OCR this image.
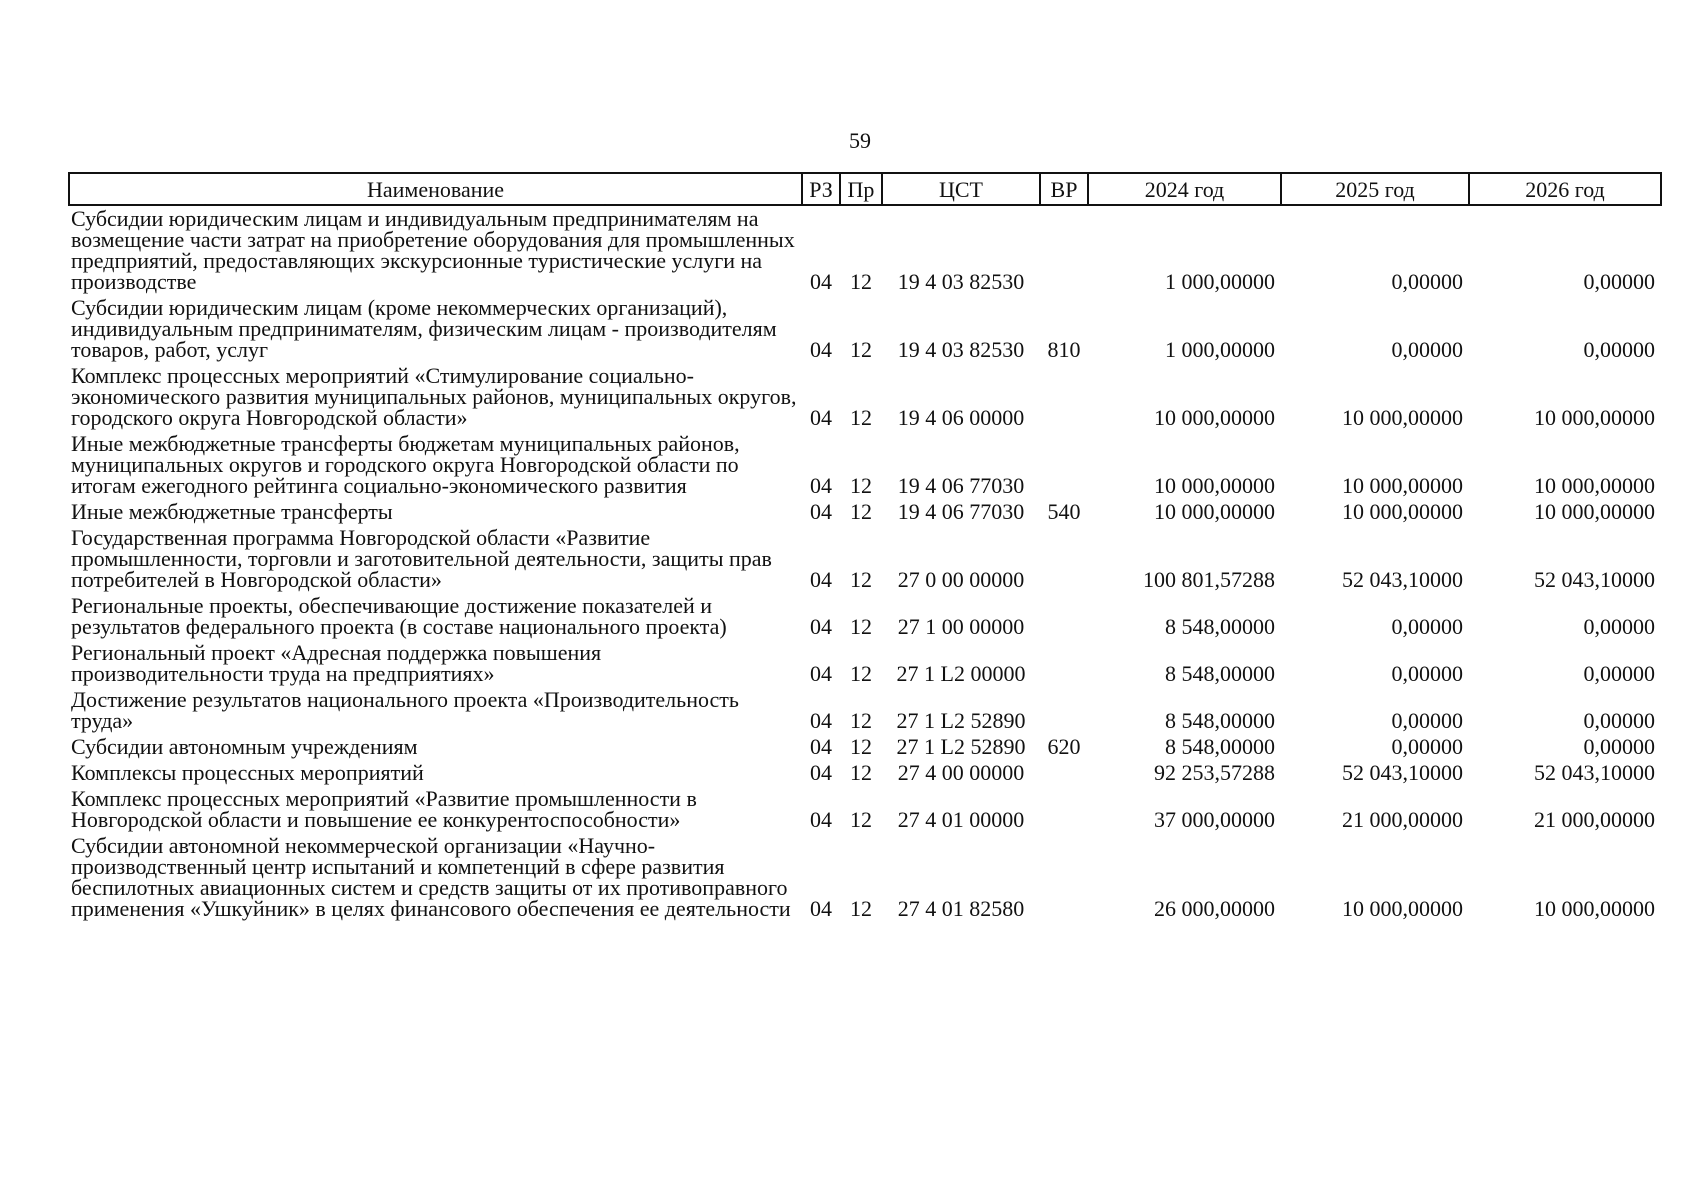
59
Наименование	РЗ	Пр	ЦСТ	ВР	2024 год	2025 год	2026 год
Субсидии юридическим лицам и индивидуальным предпринимателям на возмещение части затрат на приобретение оборудования для промышленных предприятий, предоставляющих экскурсионные туристические услуги на производстве	04	12	19 4 03 82530		1 000,00000	0,00000	0,00000
Субсидии юридическим лицам (кроме некоммерческих организаций), индивидуальным предпринимателям, физическим лицам - производителям товаров, работ, услуг	04	12	19 4 03 82530	810	1 000,00000	0,00000	0,00000
Комплекс процессных мероприятий «Стимулирование социально-экономического развития муниципальных районов, муниципальных округов, городского округа Новгородской области»	04	12	19 4 06 00000		10 000,00000	10 000,00000	10 000,00000
Иные межбюджетные трансферты бюджетам муниципальных районов, муниципальных округов и городского округа Новгородской области по итогам ежегодного рейтинга социально-экономического развития	04	12	19 4 06 77030		10 000,00000	10 000,00000	10 000,00000
Иные межбюджетные трансферты	04	12	19 4 06 77030	540	10 000,00000	10 000,00000	10 000,00000
Государственная программа Новгородской области «Развитие промышленности, торговли и заготовительной деятельности, защиты прав потребителей в Новгородской области»	04	12	27 0 00 00000		100 801,57288	52 043,10000	52 043,10000
Региональные проекты, обеспечивающие достижение показателей и результатов федерального проекта (в составе национального проекта)	04	12	27 1 00 00000		8 548,00000	0,00000	0,00000
Региональный проект «Адресная поддержка повышения производительности труда на предприятиях»	04	12	27 1 L2 00000		8 548,00000	0,00000	0,00000
Достижение результатов национального проекта «Производительность труда»	04	12	27 1 L2 52890		8 548,00000	0,00000	0,00000
Субсидии автономным учреждениям	04	12	27 1 L2 52890	620	8 548,00000	0,00000	0,00000
Комплексы процессных мероприятий	04	12	27 4 00 00000		92 253,57288	52 043,10000	52 043,10000
Комплекс процессных мероприятий «Развитие промышленности в Новгородской области и повышение ее конкурентоспособности»	04	12	27 4 01 00000		37 000,00000	21 000,00000	21 000,00000
Субсидии автономной некоммерческой организации «Научно-производственный центр испытаний и компетенций в сфере развития беспилотных авиационных систем и средств защиты от их противоправного применения «Ушкуйник» в целях финансового обеспечения ее деятельности	04	12	27 4 01 82580		26 000,00000	10 000,00000	10 000,00000
